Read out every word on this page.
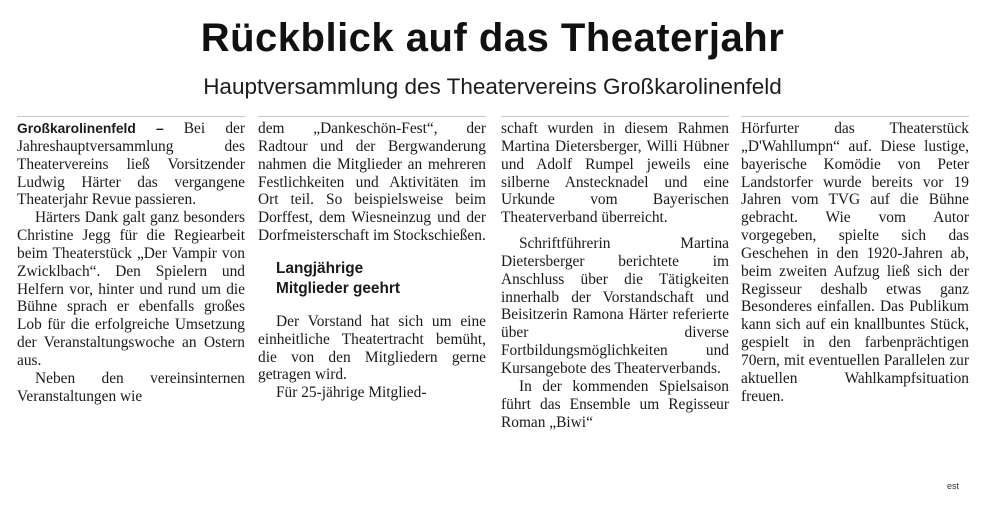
Rückblick auf das Theaterjahr
Hauptversammlung des Theatervereins Großkarolinenfeld

Großkarolinenfeld – Bei der Jahreshauptversammlung des Theatervereins ließ Vorsitzender Ludwig Härter das vergangene Theaterjahr Revue passieren.

Härters Dank galt ganz besonders Christine Jegg für die Regiearbeit beim Theaterstück „Der Vampir von Zwicklbach“. Den Spielern und Helfern vor, hinter und rund um die Bühne sprach er ebenfalls großes Lob für die erfolgreiche Umsetzung der Veranstaltungswoche an Ostern aus.

Neben den vereinsinternen Veranstaltungen wie

dem „Dankeschön-Fest“, der Radtour und der Bergwanderung nahmen die Mitglieder an mehreren Festlichkeiten und Aktivitäten im Ort teil. So beispielsweise beim Dorffest, dem Wiesneinzug und der Dorfmeisterschaft im Stockschießen.

Langjährige
Mitglieder geehrt

Der Vorstand hat sich um eine einheitliche Theatertracht bemüht, die von den Mitgliedern gerne getragen wird.

Für 25-jährige Mitglied-

schaft wurden in diesem Rahmen Martina Dietersberger, Willi Hübner und Adolf Rumpel jeweils eine silberne Anstecknadel und eine Urkunde vom Bayerischen Theaterverband überreicht.

Schriftführerin Martina Dietersberger berichtete im Anschluss über die Tätigkeiten innerhalb der Vorstandschaft und Beisitzerin Ramona Härter referierte über diverse Fortbildungsmöglichkeiten und Kursangebote des Theaterverbands.

In der kommenden Spielsaison führt das Ensemble um Regisseur Roman „Biwi“

Hörfurter das Theaterstück „D'Wahllumpn“ auf. Diese lustige, bayerische Komödie von Peter Landstorfer wurde bereits vor 19 Jahren vom TVG auf die Bühne gebracht. Wie vom Autor vorgegeben, spielte sich das Geschehen in den 1920-Jahren ab, beim zweiten Aufzug ließ sich der Regisseur deshalb etwas ganz Besonderes einfallen. Das Publikum kann sich auf ein knallbuntes Stück, gespielt in den farbenprächtigen 70ern, mit eventuellen Parallelen zur aktuellen Wahlkampfsituation freuen.

est
